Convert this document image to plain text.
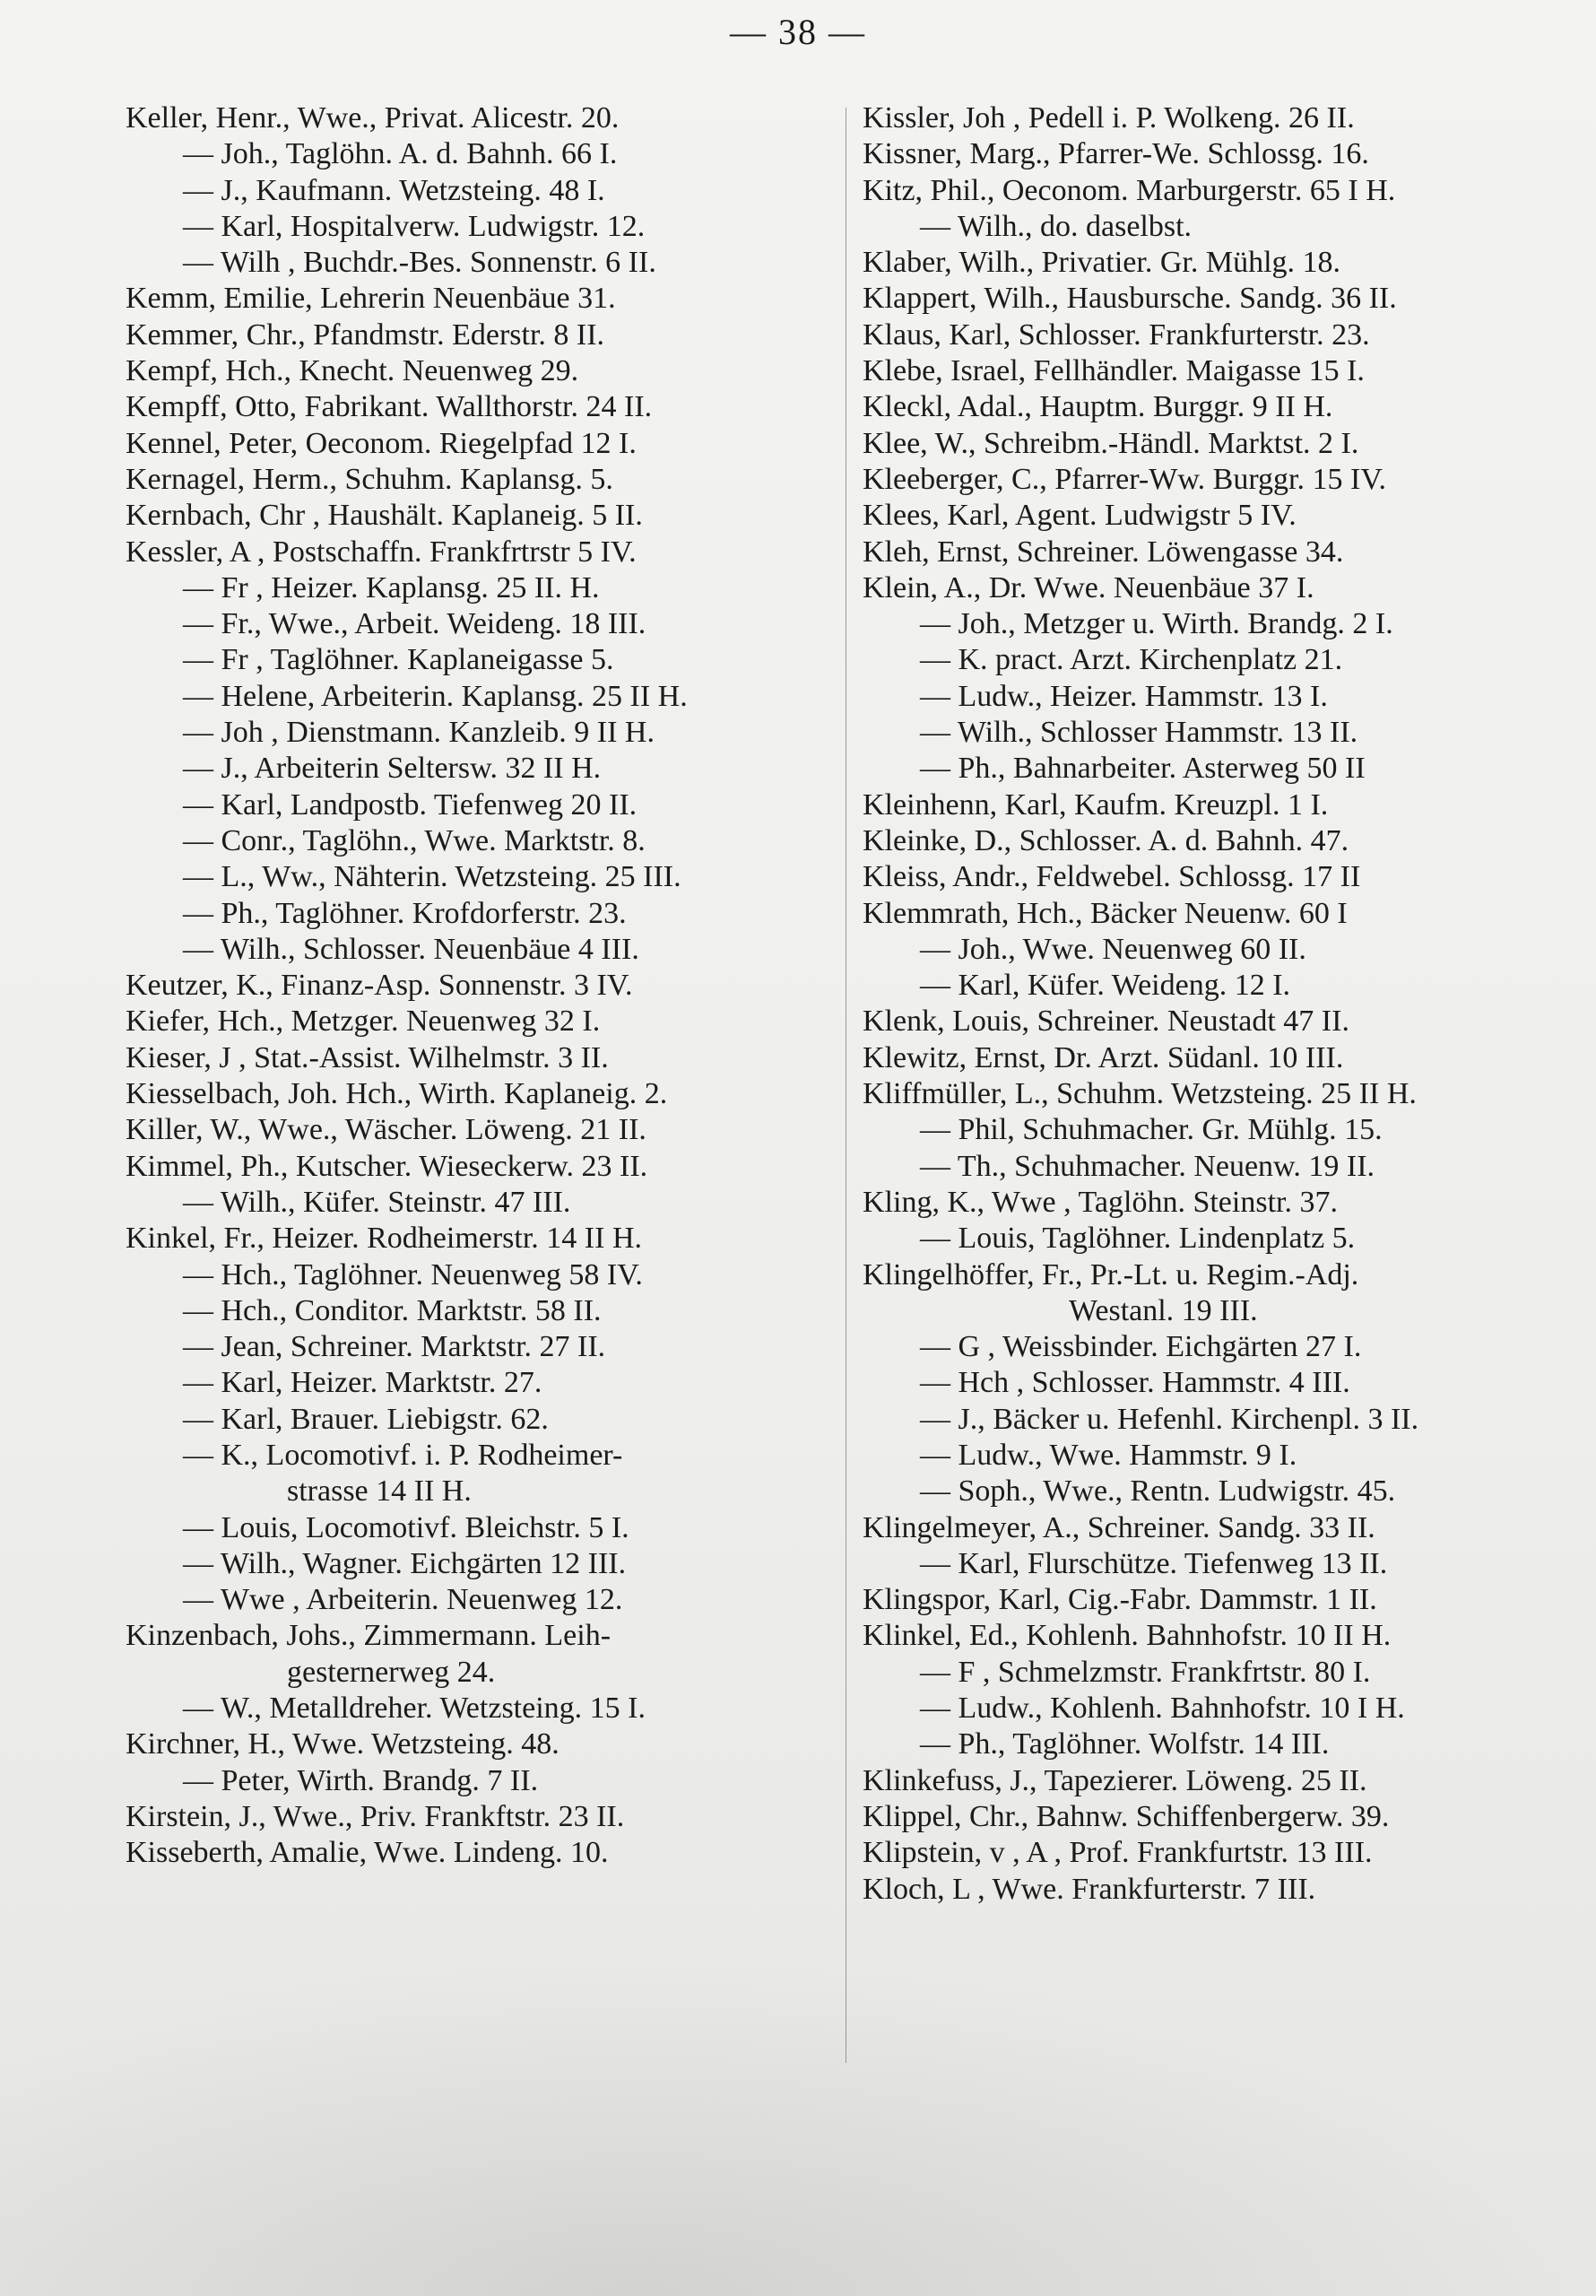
— 38 —
Keller, Henr., Wwe., Privat. Alicestr. 20.
— Joh., Taglöhn. A. d. Bahnh. 66 I.
— J., Kaufmann. Wetzsteing. 48 I.
— Karl, Hospitalverw. Ludwigstr. 12.
— Wilh , Buchdr.-Bes. Sonnenstr. 6 II.
Kemm, Emilie, Lehrerin Neuenbäue 31.
Kemmer, Chr., Pfandmstr. Ederstr. 8 II.
Kempf, Hch., Knecht. Neuenweg 29.
Kempff, Otto, Fabrikant. Wallthorstr. 24 II.
Kennel, Peter, Oeconom. Riegelpfad 12 I.
Kernagel, Herm., Schuhm. Kaplansg. 5.
Kernbach, Chr , Haushält. Kaplaneig. 5 II.
Kessler, A , Postschaffn. Frankfrtrstr 5 IV.
— Fr , Heizer. Kaplansg. 25 II. H.
— Fr., Wwe., Arbeit. Weideng. 18 III.
— Fr , Taglöhner. Kaplaneigasse 5.
— Helene, Arbeiterin. Kaplansg. 25 II H.
— Joh , Dienstmann. Kanzleib. 9 II H.
— J., Arbeiterin Seltersw. 32 II H.
— Karl, Landpostb. Tiefenweg 20 II.
— Conr., Taglöhn., Wwe. Marktstr. 8.
— L., Ww., Nähterin. Wetzsteing. 25 III.
— Ph., Taglöhner. Krofdorferstr. 23.
— Wilh., Schlosser. Neuenbäue 4 III.
Keutzer, K., Finanz-Asp. Sonnenstr. 3 IV.
Kiefer, Hch., Metzger. Neuenweg 32 I.
Kieser, J , Stat.-Assist. Wilhelmstr. 3 II.
Kiesselbach, Joh. Hch., Wirth. Kaplaneig. 2.
Killer, W., Wwe., Wäscher. Löweng. 21 II.
Kimmel, Ph., Kutscher. Wieseckerw. 23 II.
— Wilh., Küfer. Steinstr. 47 III.
Kinkel, Fr., Heizer. Rodheimerstr. 14 II H.
— Hch., Taglöhner. Neuenweg 58 IV.
— Hch., Conditor. Marktstr. 58 II.
— Jean, Schreiner. Marktstr. 27 II.
— Karl, Heizer. Marktstr. 27.
— Karl, Brauer. Liebigstr. 62.
— K., Locomotivf. i. P. Rodheimer-
strasse 14 II H.
— Louis, Locomotivf. Bleichstr. 5 I.
— Wilh., Wagner. Eichgärten 12 III.
— Wwe , Arbeiterin. Neuenweg 12.
Kinzenbach, Johs., Zimmermann. Leih-
gesternerweg 24.
— W., Metalldreher. Wetzsteing. 15 I.
Kirchner, H., Wwe. Wetzsteing. 48.
— Peter, Wirth. Brandg. 7 II.
Kirstein, J., Wwe., Priv. Frankftstr. 23 II.
Kisseberth, Amalie, Wwe. Lindeng. 10.
Kissler, Joh , Pedell i. P. Wolkeng. 26 II.
Kissner, Marg., Pfarrer-We. Schlossg. 16.
Kitz, Phil., Oeconom. Marburgerstr. 65 I H.
— Wilh., do. daselbst.
Klaber, Wilh., Privatier. Gr. Mühlg. 18.
Klappert, Wilh., Hausbursche. Sandg. 36 II.
Klaus, Karl, Schlosser. Frankfurterstr. 23.
Klebe, Israel, Fellhändler. Maigasse 15 I.
Kleckl, Adal., Hauptm. Burggr. 9 II H.
Klee, W., Schreibm.-Händl. Marktst. 2 I.
Kleeberger, C., Pfarrer-Ww. Burggr. 15 IV.
Klees, Karl, Agent. Ludwigstr 5 IV.
Kleh, Ernst, Schreiner. Löwengasse 34.
Klein, A., Dr. Wwe. Neuenbäue 37 I.
— Joh., Metzger u. Wirth. Brandg. 2 I.
— K. pract. Arzt. Kirchenplatz 21.
— Ludw., Heizer. Hammstr. 13 I.
— Wilh., Schlosser Hammstr. 13 II.
— Ph., Bahnarbeiter. Asterweg 50 II
Kleinhenn, Karl, Kaufm. Kreuzpl. 1 I.
Kleinke, D., Schlosser. A. d. Bahnh. 47.
Kleiss, Andr., Feldwebel. Schlossg. 17 II
Klemmrath, Hch., Bäcker Neuenw. 60 I
— Joh., Wwe. Neuenweg 60 II.
— Karl, Küfer. Weideng. 12 I.
Klenk, Louis, Schreiner. Neustadt 47 II.
Klewitz, Ernst, Dr. Arzt. Südanl. 10 III.
Kliffmüller, L., Schuhm. Wetzsteing. 25 II H.
— Phil, Schuhmacher. Gr. Mühlg. 15.
— Th., Schuhmacher. Neuenw. 19 II.
Kling, K., Wwe , Taglöhn. Steinstr. 37.
— Louis, Taglöhner. Lindenplatz 5.
Klingelhöffer, Fr., Pr.-Lt. u. Regim.-Adj.
Westanl. 19 III.
— G , Weissbinder. Eichgärten 27 I.
— Hch , Schlosser. Hammstr. 4 III.
— J., Bäcker u. Hefenhl. Kirchenpl. 3 II.
— Ludw., Wwe. Hammstr. 9 I.
— Soph., Wwe., Rentn. Ludwigstr. 45.
Klingelmeyer, A., Schreiner. Sandg. 33 II.
— Karl, Flurschütze. Tiefenweg 13 II.
Klingspor, Karl, Cig.-Fabr. Dammstr. 1 II.
Klinkel, Ed., Kohlenh. Bahnhofstr. 10 II H.
— F , Schmelzmstr. Frankfrtstr. 80 I.
— Ludw., Kohlenh. Bahnhofstr. 10 I H.
— Ph., Taglöhner. Wolfstr. 14 III.
Klinkefuss, J., Tapezierer. Löweng. 25 II.
Klippel, Chr., Bahnw. Schiffenbergerw. 39.
Klipstein, v , A , Prof. Frankfurtstr. 13 III.
Kloch, L , Wwe. Frankfurterstr. 7 III.
